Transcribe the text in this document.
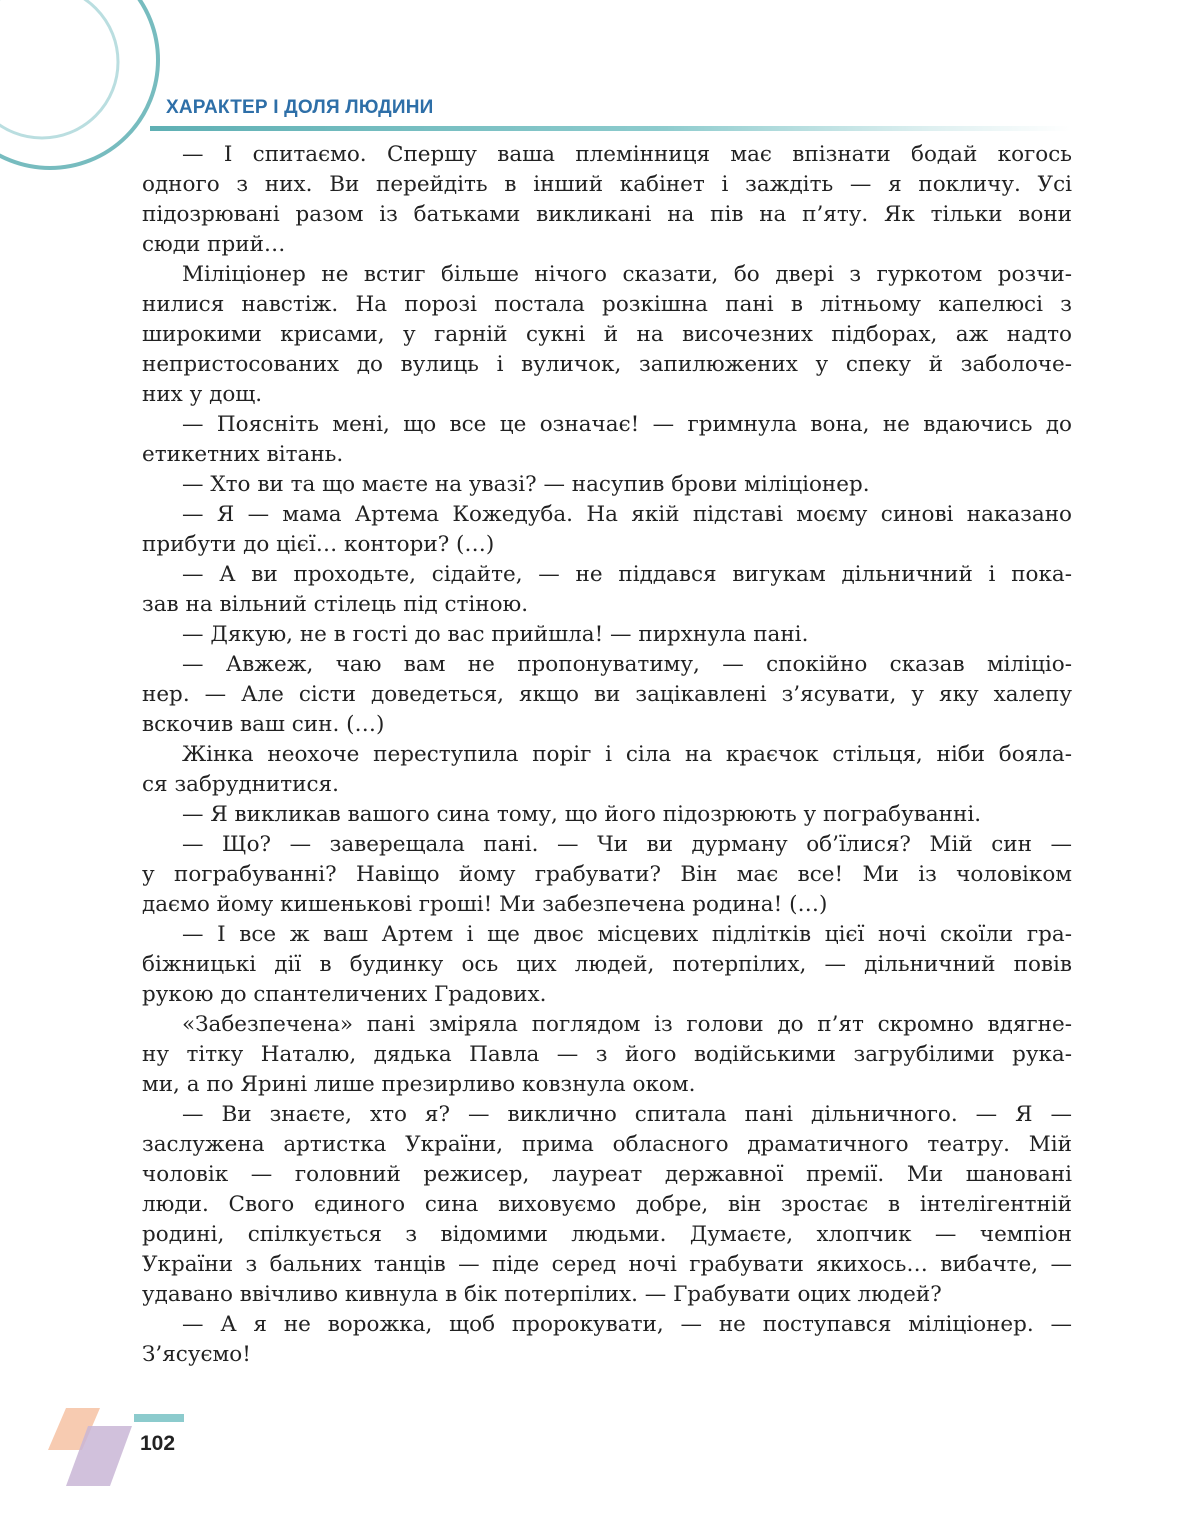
ХАРАКТЕР І ДОЛЯ ЛЮДИНИ
— І спитаємо. Спершу ваша племінниця має впізнати бодай когось
одного з них. Ви перейдіть в інший кабінет і заждіть — я покличу. Усі
підозрювані разом із батьками викликані на пів на п’яту. Як тільки вони
сюди прий…
Міліціонер не встиг більше нічого сказати, бо двері з гуркотом розчи-
нилися навстіж. На порозі постала розкішна пані в літньому капелюсі з
широкими крисами, у гарній сукні й на височезних підборах, аж надто
непристосованих до вулиць і вуличок, запилюжених у спеку й заболоче-
них у дощ.
— Поясніть мені, що все це означає! — гримнула вона, не вдаючись до
етикетних вітань.
— Хто ви та що маєте на увазі? — насупив брови міліціонер.
— Я — мама Артема Кожедуба. На якій підставі моєму синові наказано
прибути до цієї… контори? (…)
— А ви проходьте, сідайте, — не піддався вигукам дільничний і пока-
зав на вільний стілець під стіною.
— Дякую, не в гості до вас прийшла! — пирхнула пані.
— Авжеж, чаю вам не пропонуватиму, — спокійно сказав міліціо-
нер. — Але сісти доведеться, якщо ви зацікавлені з’ясувати, у яку халепу
вскочив ваш син. (…)
Жінка неохоче переступила поріг і сіла на краєчок стільця, ніби бояла-
ся забруднитися.
— Я викликав вашого сина тому, що його підозрюють у пограбуванні.
— Що? — заверещала пані. — Чи ви дурману об’їлися? Мій син —
у пограбуванні? Навіщо йому грабувати? Він має все! Ми із чоловіком
даємо йому кишенькові гроші! Ми забезпечена родина! (…)
— І все ж ваш Артем і ще двоє місцевих підлітків цієї ночі скоїли гра-
біжницькі дії в будинку ось цих людей, потерпілих, — дільничний повів
рукою до спантеличених Градових.
«Забезпечена» пані зміряла поглядом із голови до п’ят скромно вдягне-
ну тітку Наталю, дядька Павла — з його водійськими загрубілими рука-
ми, а по Ярині лише презирливо ковзнула оком.
— Ви знаєте, хто я? — виклично спитала пані дільничного. — Я —
заслужена артистка України, прима обласного драматичного театру. Мій
чоловік — головний режисер, лауреат державної премії. Ми шановані
люди. Свого єдиного сина виховуємо добре, він зростає в інтелігентній
родині, спілкується з відомими людьми. Думаєте, хлопчик — чемпіон
України з бальних танців — піде серед ночі грабувати якихось… вибачте, —
удавано ввічливо кивнула в бік потерпілих. — Грабувати оцих людей?
— А я не ворожка, щоб пророкувати, — не поступався міліціонер. —
З’ясуємо!
102
